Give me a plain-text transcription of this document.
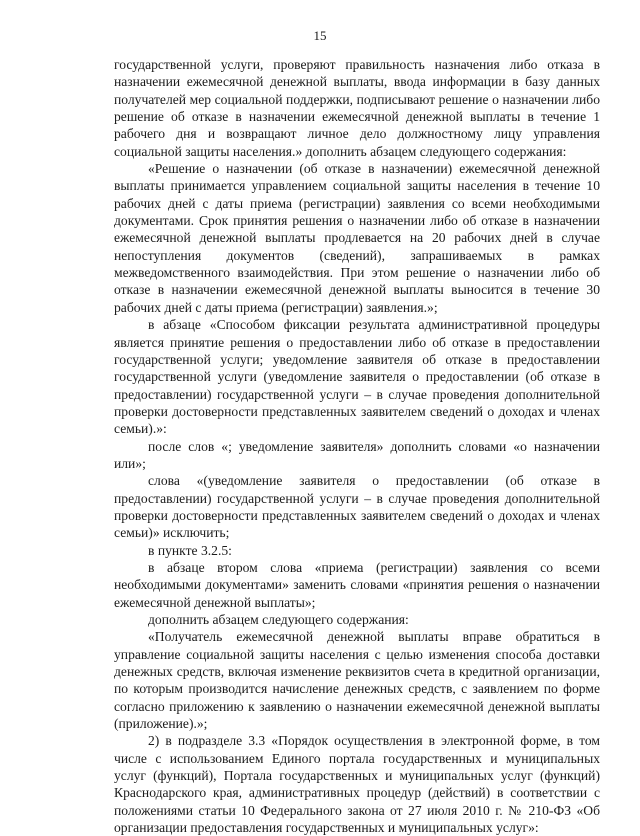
15

государственной услуги, проверяют правильность назначения либо отказа в назначении ежемесячной денежной выплаты, ввода информации в базу данных получателей мер социальной поддержки, подписывают решение о назначении либо решение об отказе в назначении ежемесячной денежной выплаты в течение 1 рабочего дня и возвращают личное дело должностному лицу управления социальной защиты населения.» дополнить абзацем следующего содержания:

«Решение о назначении (об отказе в назначении) ежемесячной денежной выплаты принимается управлением социальной защиты населения в течение 10 рабочих дней с даты приема (регистрации) заявления со всеми необходимыми документами. Срок принятия решения о назначении либо об отказе в назначении ежемесячной денежной выплаты продлевается на 20 рабочих дней в случае непоступления документов (сведений), запрашиваемых в рамках межведомственного взаимодействия. При этом решение о назначении либо об отказе в назначении ежемесячной денежной выплаты выносится в течение 30 рабочих дней с даты приема (регистрации) заявления.»;

в абзаце «Способом фиксации результата административной процедуры является принятие решения о предоставлении либо об отказе в предоставлении государственной услуги; уведомление заявителя об отказе в предоставлении государственной услуги (уведомление заявителя о предоставлении (об отказе в предоставлении) государственной услуги – в случае проведения дополнительной проверки достоверности представленных заявителем сведений о доходах и членах семьи).»:

после слов «; уведомление заявителя» дополнить словами «о назначении или»;

слова «(уведомление заявителя о предоставлении (об отказе в предоставлении) государственной услуги – в случае проведения дополнительной проверки достоверности представленных заявителем сведений о доходах и членах семьи)» исключить;

в пункте 3.2.5:

в абзаце втором слова «приема (регистрации) заявления со всеми необходимыми документами» заменить словами «принятия решения о назначении ежемесячной денежной выплаты»;

дополнить абзацем следующего содержания:

«Получатель ежемесячной денежной выплаты вправе обратиться в управление социальной защиты населения с целью изменения способа доставки денежных средств, включая изменение реквизитов счета в кредитной организации, по которым производится начисление денежных средств, с заявлением по форме согласно приложению к заявлению о назначении ежемесячной денежной выплаты (приложение).»;

2) в подразделе 3.3 «Порядок осуществления в электронной форме, в том числе с использованием Единого портала государственных и муниципальных услуг (функций), Портала государственных и муниципальных услуг (функций) Краснодарского края, административных процедур (действий) в соответствии с положениями статьи 10 Федерального закона от 27 июля 2010 г. № 210-ФЗ «Об организации предоставления государственных и муниципальных услуг»:
